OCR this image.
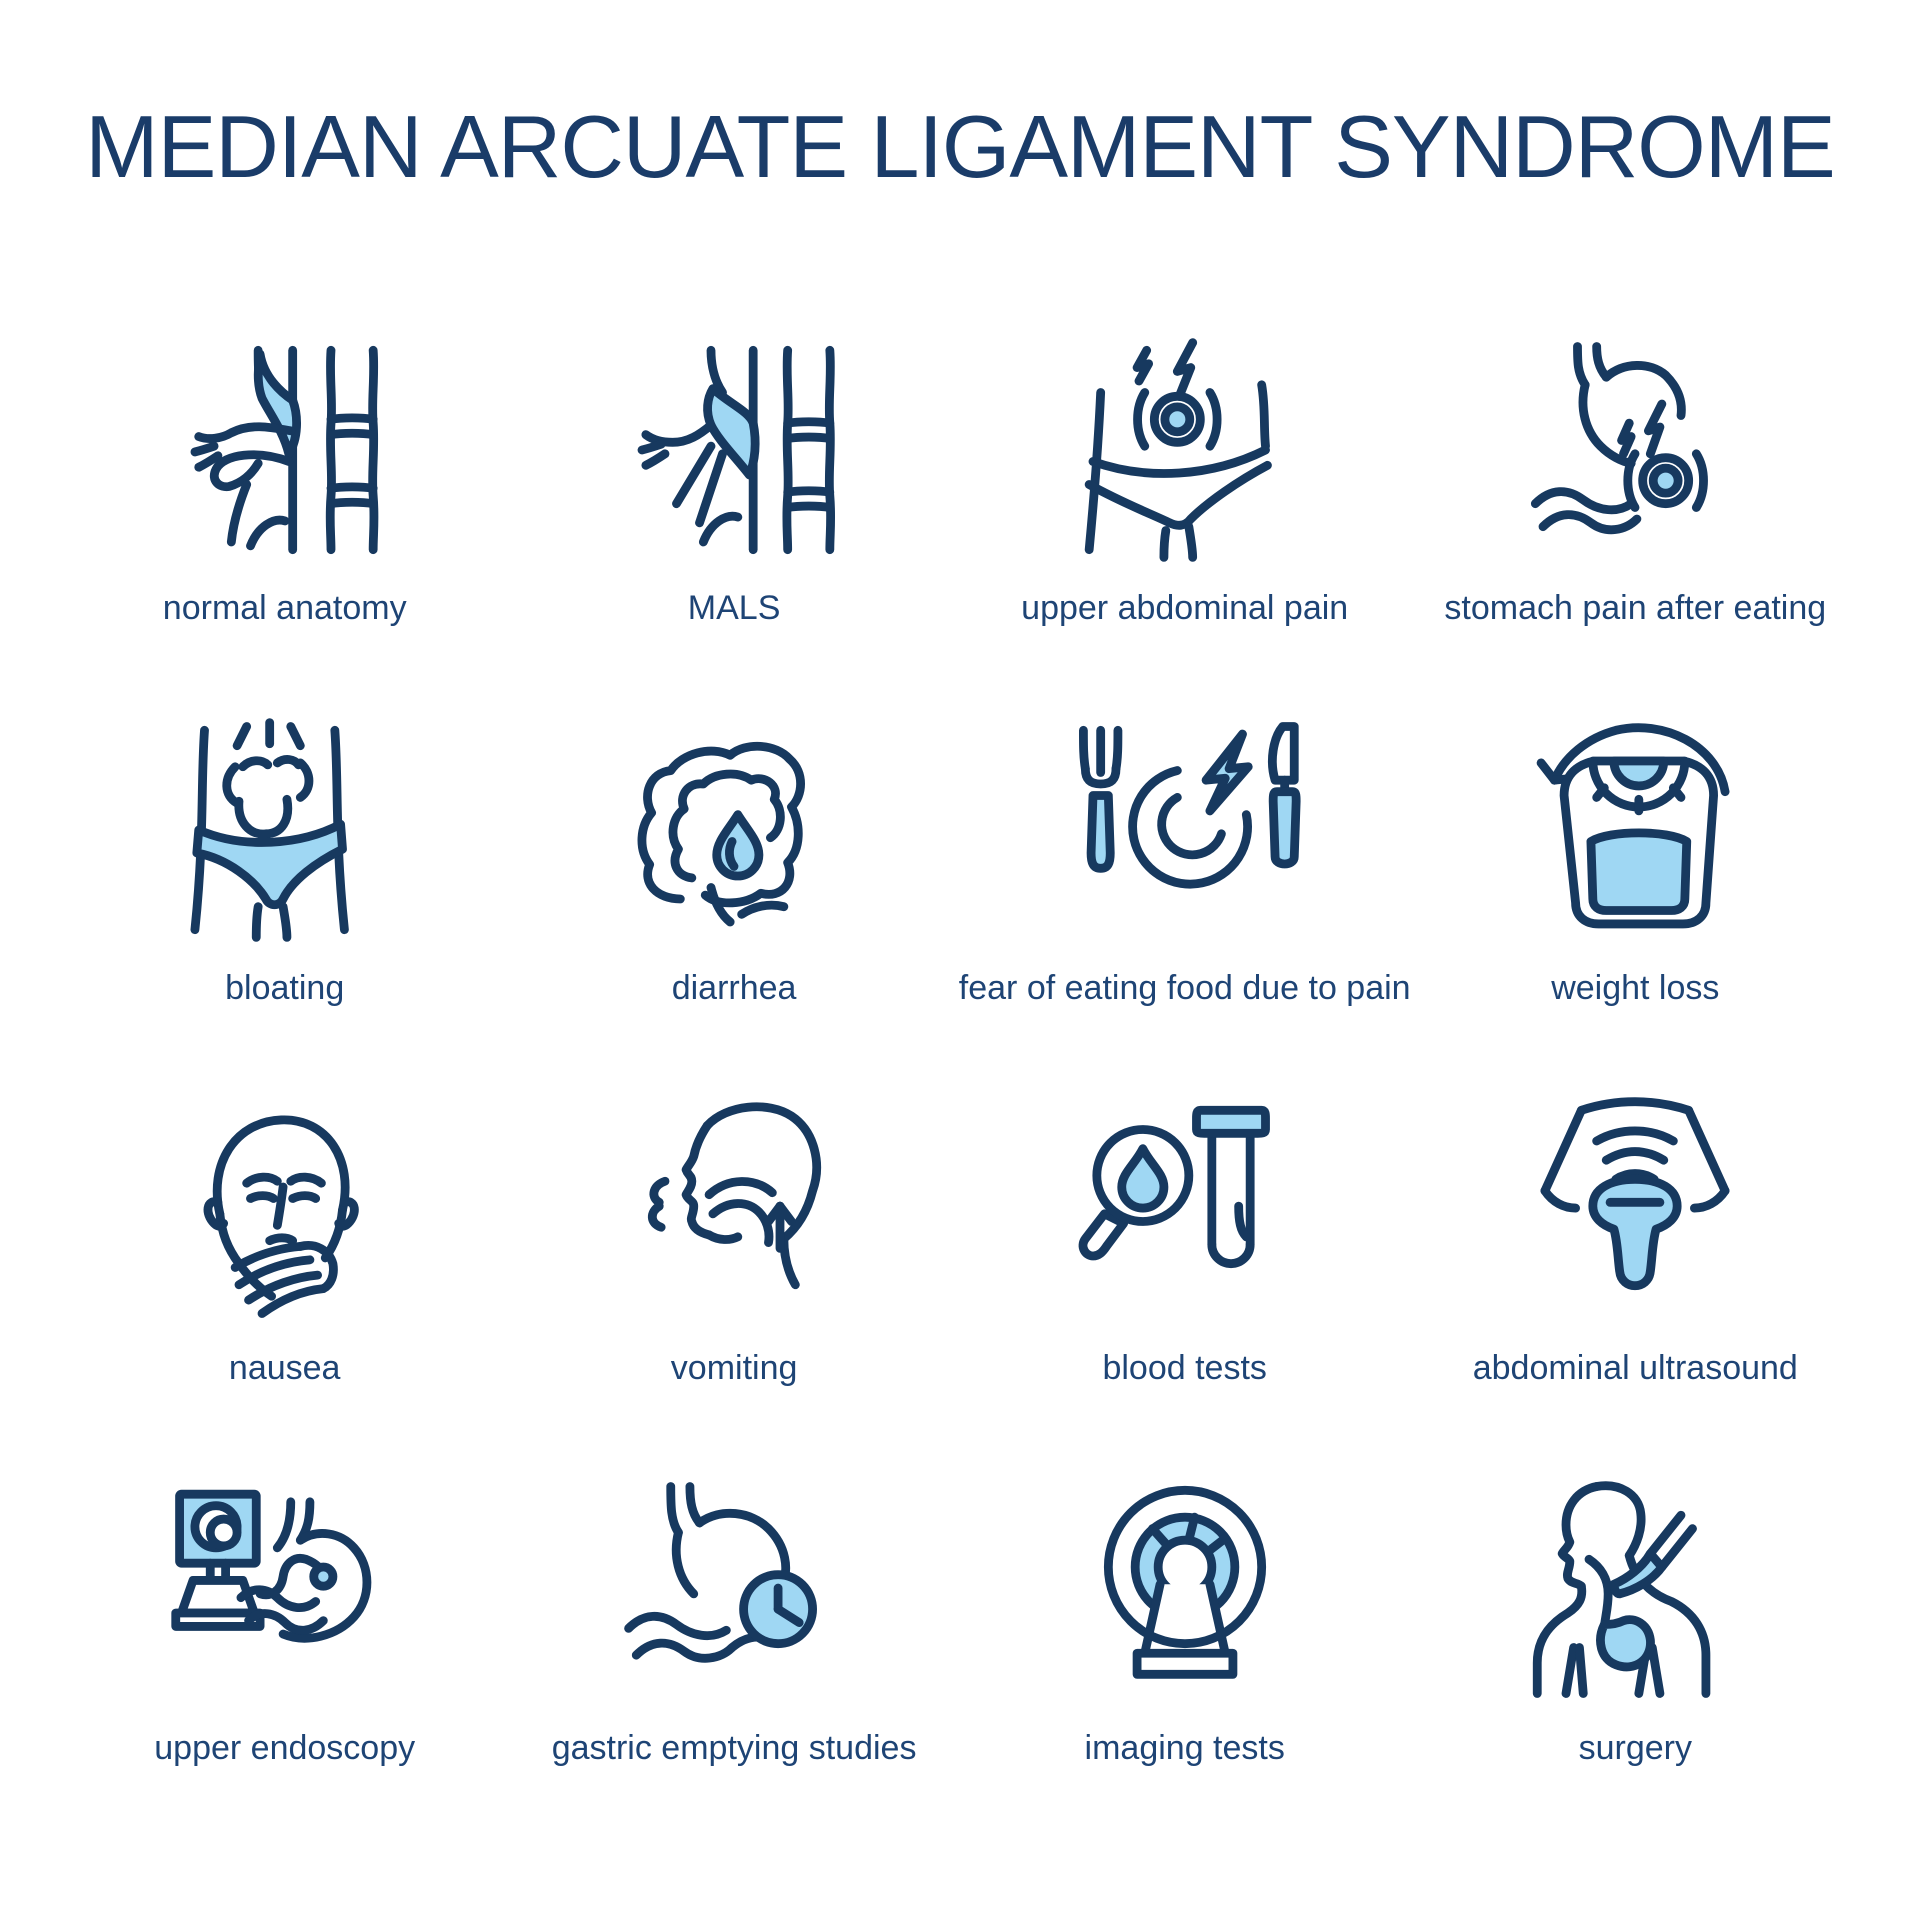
MEDIAN ARCUATE LIGAMENT SYNDROME
normal anatomy	MALS	upper abdominal pain	stomach pain after eating
bloating	diarrhea	fear of eating food due to pain	weight loss
nausea	vomiting	blood tests	abdominal ultrasound
upper endoscopy	gastric emptying studies	imaging tests	surgery
